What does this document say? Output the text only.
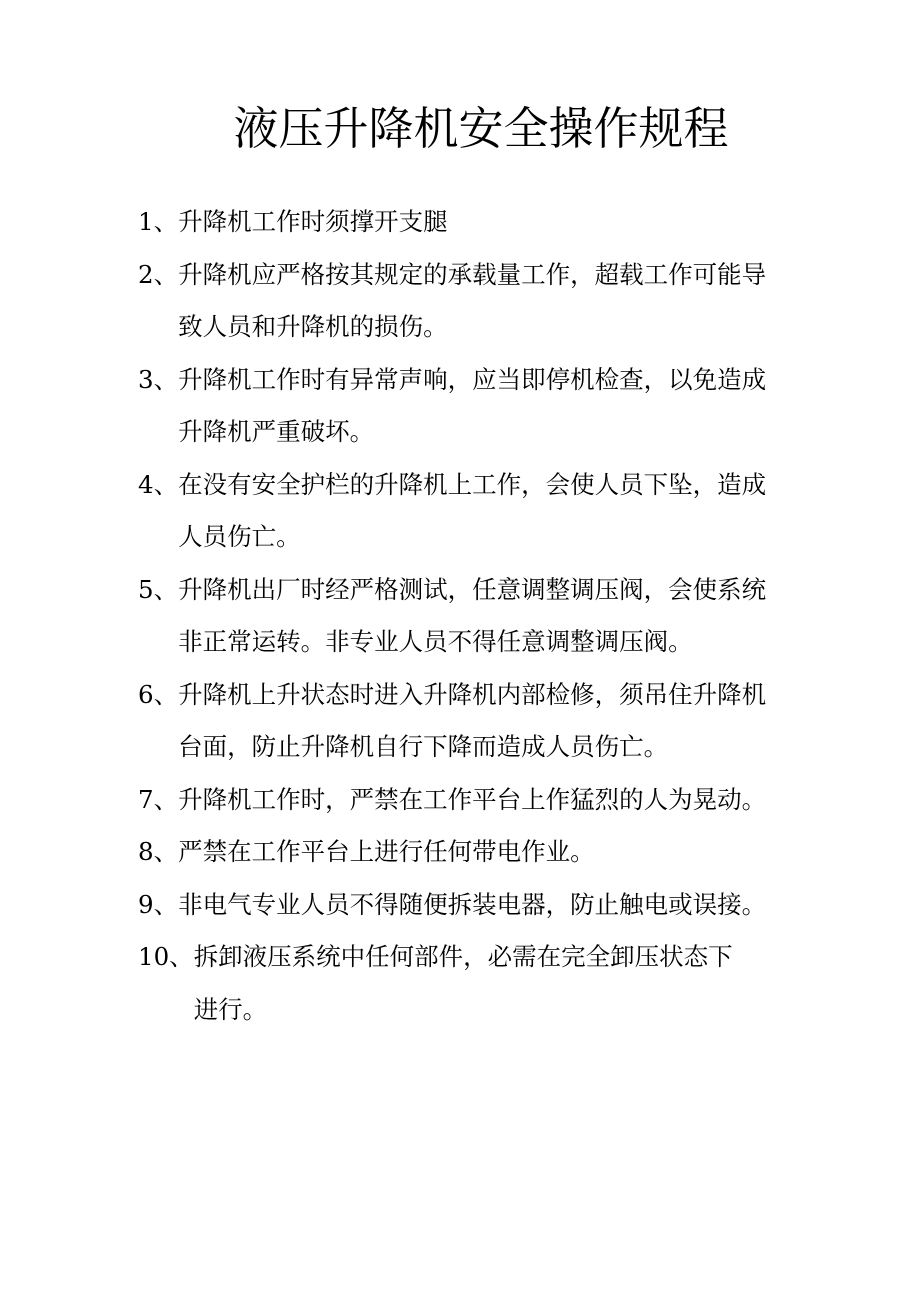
液压升降机安全操作规程
1、 升降机工作时须撑开支腿
2、 升降机应严格按其规定的承载量工作，超载工作可能导
致人员和升降机的损伤。
3、 升降机工作时有异常声响，应当即停机检查，以免造成
升降机严重破坏。
4、 在没有安全护栏的升降机上工作，会使人员下坠，造成
人员伤亡。
5、 升降机出厂时经严格测试，任意调整调压阀，会使系统
非正常运转。非专业人员不得任意调整调压阀。
6、 升降机上升状态时进入升降机内部检修，须吊住升降机
台面，防止升降机自行下降而造成人员伤亡。
7、 升降机工作时，严禁在工作平台上作猛烈的人为晃动。
8、 严禁在工作平台上进行任何带电作业。
9、 非电气专业人员不得随便拆装电器，防止触电或误接。
10、 拆卸液压系统中任何部件，必需在完全卸压状态下
进行。
